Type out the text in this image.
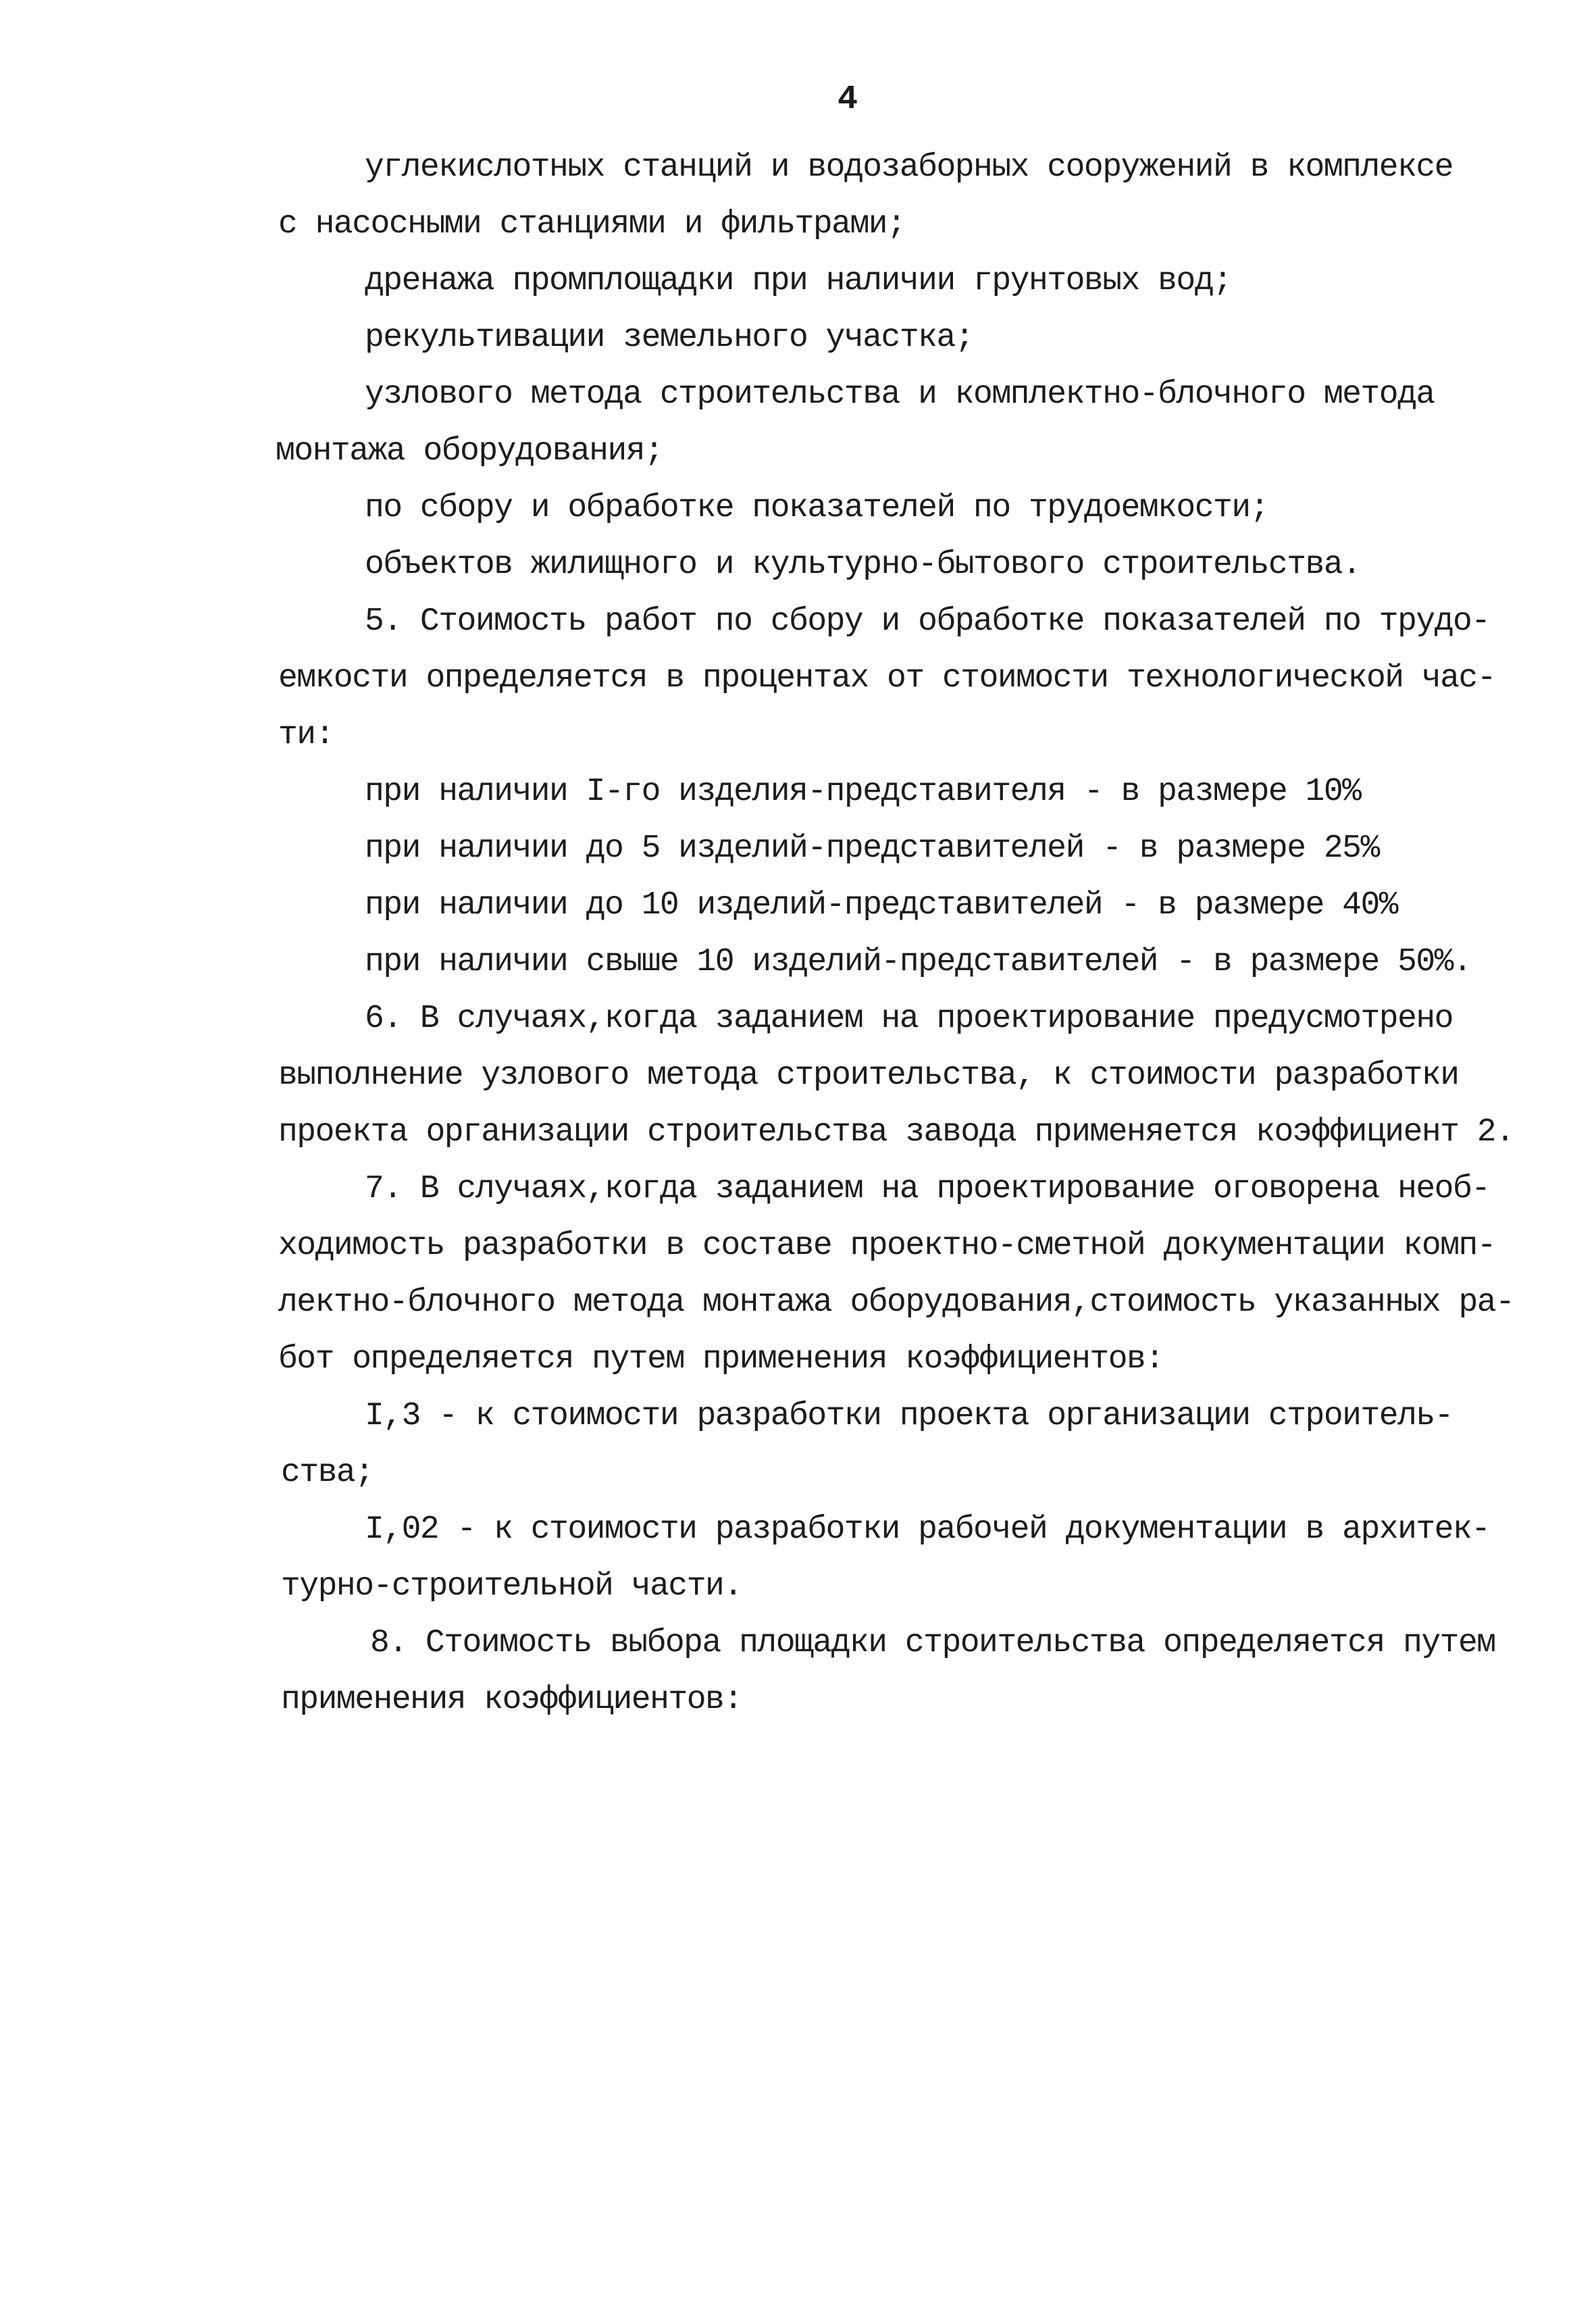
4

углекислотных станций и водозаборных сооружений в комплексе

с насосными станциями и фильтрами;

дренажа промплощадки при наличии грунтовых вод;

рекультивации земельного участка;

узлового метода строительства и комплектно-блочного метода

монтажа оборудования;

по сбору и обработке показателей по трудоемкости;

объектов жилищного и культурно-бытового строительства.

5. Стоимость работ по сбору и обработке показателей по трудо-

емкости определяется в процентах от стоимости технологической час-

ти:

при наличии I-го изделия-представителя - в размере 10%

при наличии до 5 изделий-представителей - в размере 25%

при наличии до 10 изделий-представителей - в размере 40%

при наличии свыше 10 изделий-представителей - в размере 50%.

6. В случаях,когда заданием на проектирование предусмотрено

выполнение узлового метода строительства, к стоимости разработки

проекта организации строительства завода применяется коэффициент 2.

7. В случаях,когда заданием на проектирование оговорена необ-

ходимость разработки в составе проектно-сметной документации комп-

лектно-блочного метода монтажа оборудования,стоимость указанных ра-

бот определяется путем применения коэффициентов:

I,3 - к стоимости разработки проекта организации строитель-

ства;

I,02 - к стоимости разработки рабочей документации в архитек-

турно-строительной части.

8. Стоимость выбора площадки строительства определяется путем

применения коэффициентов:
